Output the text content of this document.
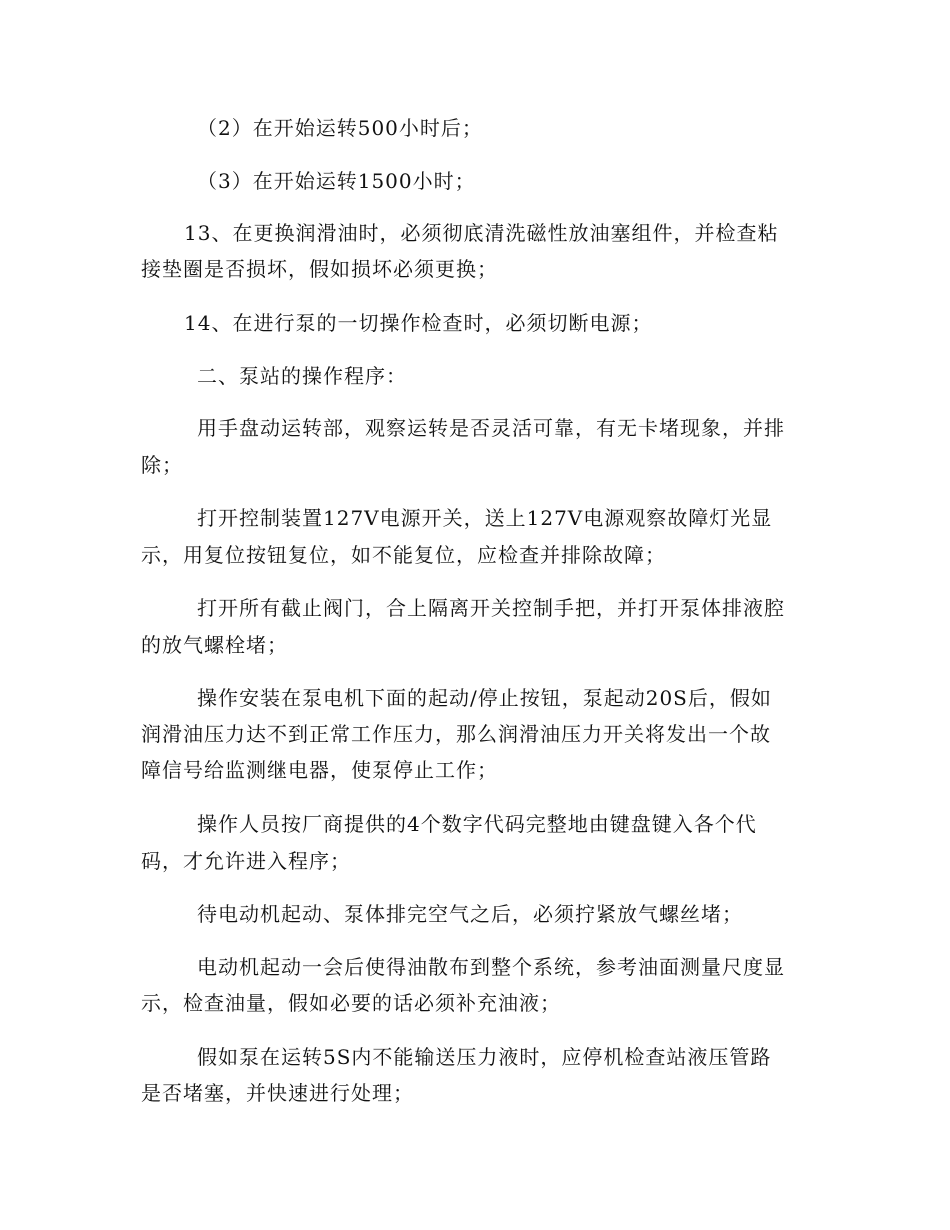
（2）在开始运转500小时后；
（3）在开始运转1500小时；
13、在更换润滑油时，必须彻底清洗磁性放油塞组件，并检查粘
接垫圈是否损坏，假如损坏必须更换；
14、在进行泵的一切操作检查时，必须切断电源；
二、泵站的操作程序：
用手盘动运转部，观察运转是否灵活可靠，有无卡堵现象，并排
除；
打开控制装置127V电源开关，送上127V电源观察故障灯光显
示，用复位按钮复位，如不能复位，应检查并排除故障；
打开所有截止阀门，合上隔离开关控制手把，并打开泵体排液腔
的放气螺栓堵；
操作安装在泵电机下面的起动/停止按钮，泵起动20S后，假如
润滑油压力达不到正常工作压力，那么润滑油压力开关将发出一个故
障信号给监测继电器，使泵停止工作；
操作人员按厂商提供的4个数字代码完整地由键盘键入各个代
码，才允许进入程序；
待电动机起动、泵体排完空气之后，必须拧紧放气螺丝堵；
电动机起动一会后使得油散布到整个系统，参考油面测量尺度显
示，检查油量，假如必要的话必须补充油液；
假如泵在运转5S内不能输送压力液时，应停机检查站液压管路
是否堵塞，并快速进行处理；
